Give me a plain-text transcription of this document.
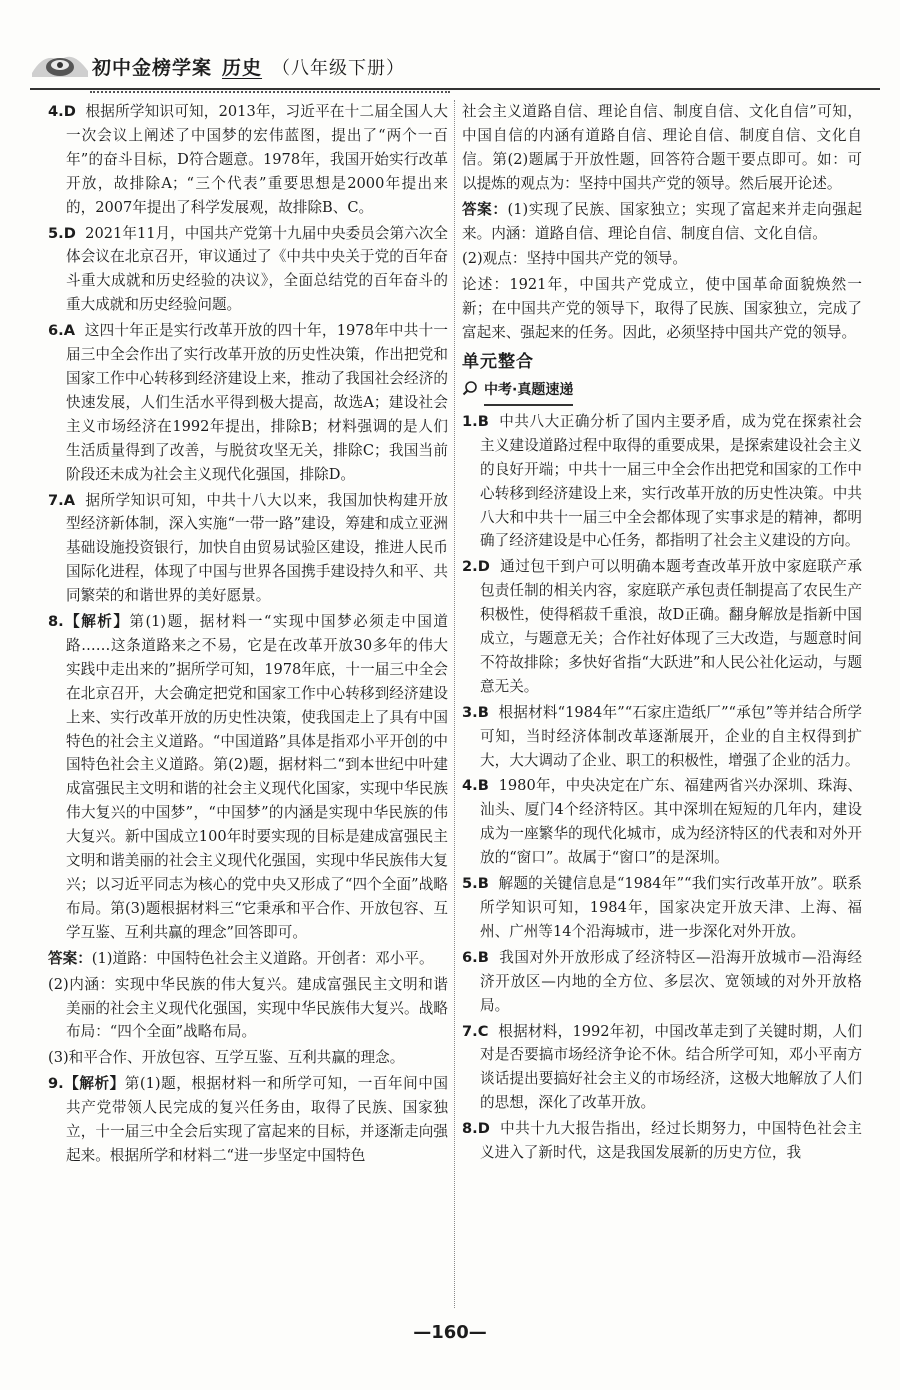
初中金榜学案 历史 （八年级下册）

4.D 根据所学知识可知，2013年，习近平在十二届全国人大一次会议上阐述了中国梦的宏伟蓝图，提出了“两个一百年”的奋斗目标，D符合题意。1978年，我国开始实行改革开放，故排除A；“三个代表”重要思想是2000年提出来的，2007年提出了科学发展观，故排除B、C。

5.D 2021年11月，中国共产党第十九届中央委员会第六次全体会议在北京召开，审议通过了《中共中央关于党的百年奋斗重大成就和历史经验的决议》，全面总结党的百年奋斗的重大成就和历史经验问题。

6.A 这四十年正是实行改革开放的四十年，1978年中共十一届三中全会作出了实行改革开放的历史性决策，作出把党和国家工作中心转移到经济建设上来，推动了我国社会经济的快速发展，人们生活水平得到极大提高，故选A；建设社会主义市场经济在1992年提出，排除B；材料强调的是人们生活质量得到了改善，与脱贫攻坚无关，排除C；我国当前阶段还未成为社会主义现代化强国，排除D。

7.A 据所学知识可知，中共十八大以来，我国加快构建开放型经济新体制，深入实施“一带一路”建设，筹建和成立亚洲基础设施投资银行，加快自由贸易试验区建设，推进人民币国际化进程，体现了中国与世界各国携手建设持久和平、共同繁荣的和谐世界的美好愿景。

8.【解析】第(1)题，据材料一“实现中国梦必须走中国道路……这条道路来之不易，它是在改革开放30多年的伟大实践中走出来的”据所学可知，1978年底，十一届三中全会在北京召开，大会确定把党和国家工作中心转移到经济建设上来、实行改革开放的历史性决策，使我国走上了具有中国特色的社会主义道路。“中国道路”具体是指邓小平开创的中国特色社会主义道路。第(2)题，据材料二“到本世纪中叶建成富强民主文明和谐的社会主义现代化国家，实现中华民族伟大复兴的中国梦”，“中国梦”的内涵是实现中华民族的伟大复兴。新中国成立100年时要实现的目标是建成富强民主文明和谐美丽的社会主义现代化强国，实现中华民族伟大复兴；以习近平同志为核心的党中央又形成了“四个全面”战略布局。第(3)题根据材料三“它秉承和平合作、开放包容、互学互鉴、互利共赢的理念”回答即可。

答案：(1)道路：中国特色社会主义道路。开创者：邓小平。

(2)内涵：实现中华民族的伟大复兴。建成富强民主文明和谐美丽的社会主义现代化强国，实现中华民族伟大复兴。战略布局：“四个全面”战略布局。

(3)和平合作、开放包容、互学互鉴、互利共赢的理念。

9.【解析】第(1)题，根据材料一和所学可知，一百年间中国共产党带领人民完成的复兴任务由，取得了民族、国家独立，十一届三中全会后实现了富起来的目标，并逐渐走向强起来。根据所学和材料二“进一步坚定中国特色

社会主义道路自信、理论自信、制度自信、文化自信”可知，中国自信的内涵有道路自信、理论自信、制度自信、文化自信。第(2)题属于开放性题，回答符合题干要点即可。如：可以提炼的观点为：坚持中国共产党的领导。然后展开论述。

答案：(1)实现了民族、国家独立；实现了富起来并走向强起来。内涵：道路自信、理论自信、制度自信、文化自信。

(2)观点：坚持中国共产党的领导。

论述：1921年，中国共产党成立，使中国革命面貌焕然一新；在中国共产党的领导下，取得了民族、国家独立，完成了富起来、强起来的任务。因此，必须坚持中国共产党的领导。

单元整合
中考·真题速递

1.B 中共八大正确分析了国内主要矛盾，成为党在探索社会主义建设道路过程中取得的重要成果，是探索建设社会主义的良好开端；中共十一届三中全会作出把党和国家的工作中心转移到经济建设上来，实行改革开放的历史性决策。中共八大和中共十一届三中全会都体现了实事求是的精神，都明确了经济建设是中心任务，都指明了社会主义建设的方向。

2.D 通过包干到户可以明确本题考查改革开放中家庭联产承包责任制的相关内容，家庭联产承包责任制提高了农民生产积极性，使得稻菽千重浪，故D正确。翻身解放是指新中国成立，与题意无关；合作社好体现了三大改造，与题意时间不符故排除；多快好省指“大跃进”和人民公社化运动，与题意无关。

3.B 根据材料“1984年”“石家庄造纸厂”“承包”等并结合所学可知，当时经济体制改革逐渐展开，企业的自主权得到扩大，大大调动了企业、职工的积极性，增强了企业的活力。

4.B 1980年，中央决定在广东、福建两省兴办深圳、珠海、汕头、厦门4个经济特区。其中深圳在短短的几年内，建设成为一座繁华的现代化城市，成为经济特区的代表和对外开放的“窗口”。故属于“窗口”的是深圳。

5.B 解题的关键信息是“1984年”“我们实行改革开放”。联系所学知识可知，1984年，国家决定开放天津、上海、福州、广州等14个沿海城市，进一步深化对外开放。

6.B 我国对外开放形成了经济特区—沿海开放城市—沿海经济开放区—内地的全方位、多层次、宽领域的对外开放格局。

7.C 根据材料，1992年初，中国改革走到了关键时期，人们对是否要搞市场经济争论不休。结合所学可知，邓小平南方谈话提出要搞好社会主义的市场经济，这极大地解放了人们的思想，深化了改革开放。

8.D 中共十九大报告指出，经过长期努力，中国特色社会主义进入了新时代，这是我国发展新的历史方位，我

—160—
